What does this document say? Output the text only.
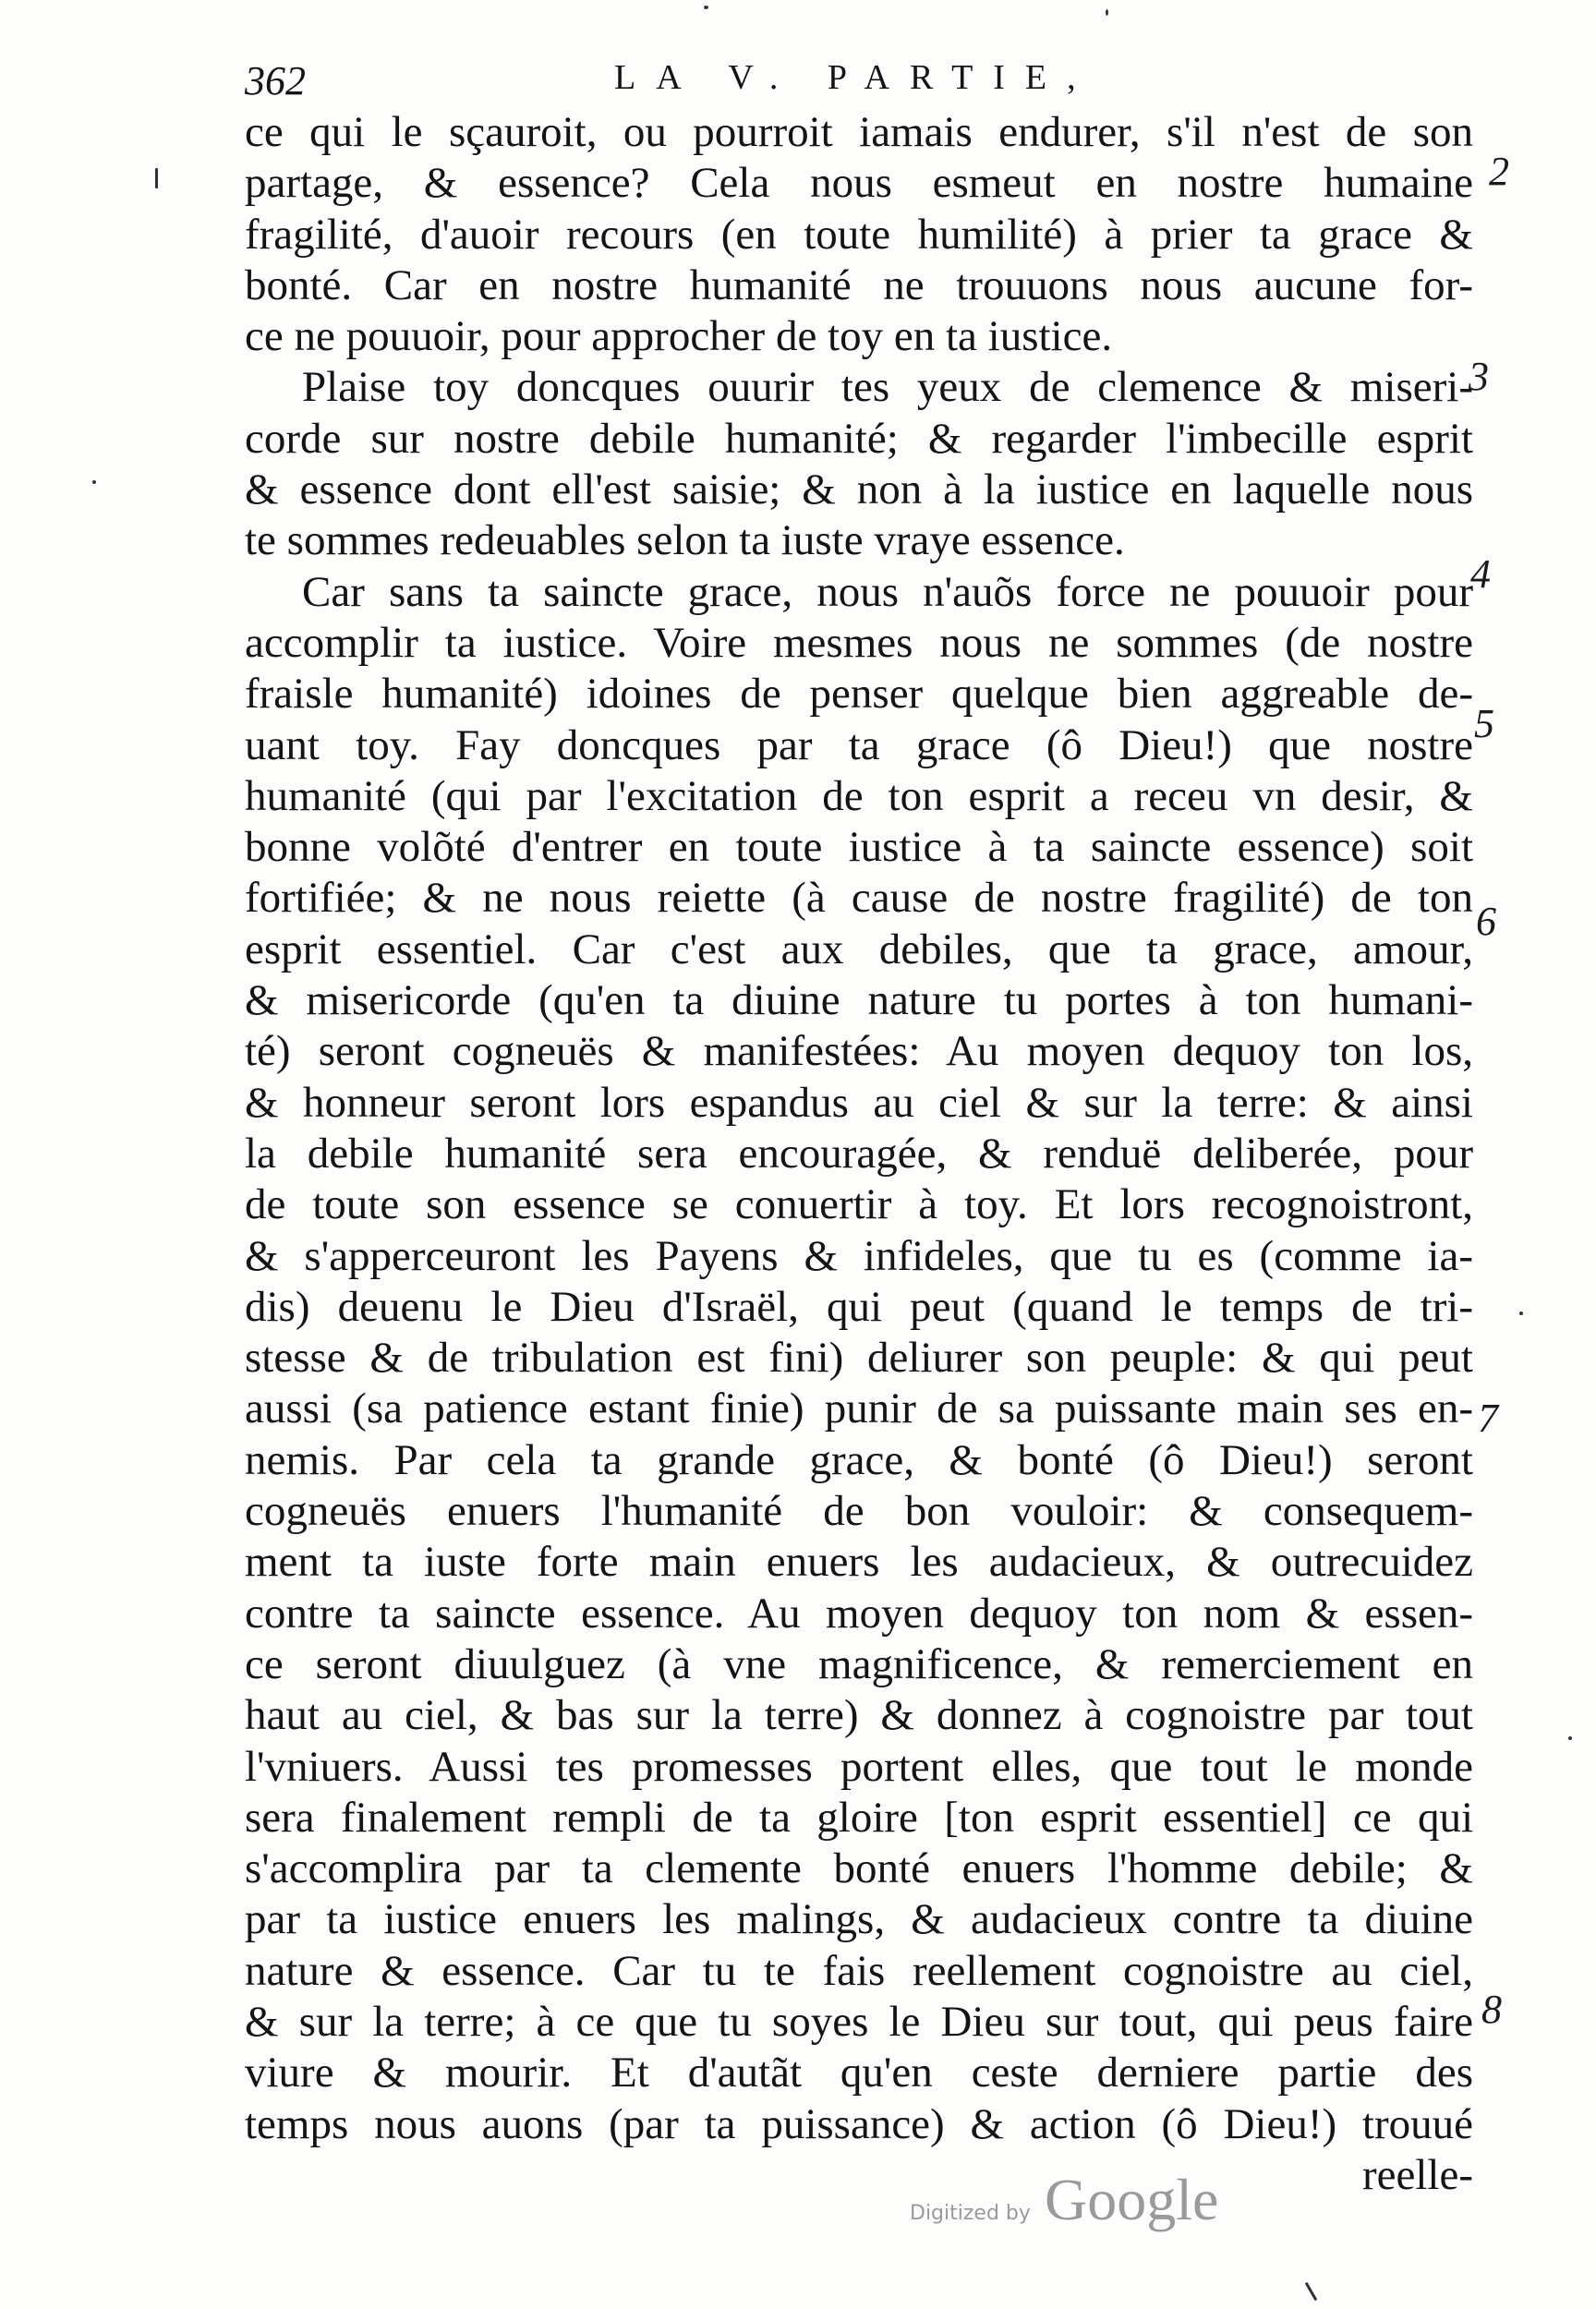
362	LA V. PARTIE,
ce qui le sçauroit, ou pourroit iamais endurer, s'il n'est de son
partage, & essence? Cela nous esmeut en nostre humaine
fragilité, d'auoir recours (en toute humilité) à prier ta grace &
bonté. Car en nostre humanité ne trouuons nous aucune for-
ce ne pouuoir, pour approcher de toy en ta iustice.
Plaise toy doncques ouurir tes yeux de clemence & miseri-
corde sur nostre debile humanité; & regarder l'imbecille esprit
& essence dont ell'est saisie; & non à la iustice en laquelle nous
te sommes redeuables selon ta iuste vraye essence.
Car sans ta saincte grace, nous n'auõs force ne pouuoir pour
accomplir ta iustice. Voire mesmes nous ne sommes (de nostre
fraisle humanité) idoines de penser quelque bien aggreable de-
uant toy. Fay doncques par ta grace (ô Dieu!) que nostre
humanité (qui par l'excitation de ton esprit a receu vn desir, &
bonne volõté d'entrer en toute iustice à ta saincte essence) soit
fortifiée; & ne nous reiette (à cause de nostre fragilité) de ton
esprit essentiel. Car c'est aux debiles, que ta grace, amour,
& misericorde (qu'en ta diuine nature tu portes à ton humani-
té) seront cogneuës & manifestées: Au moyen dequoy ton los,
& honneur seront lors espandus au ciel & sur la terre: & ainsi
la debile humanité sera encouragée, & renduë deliberée, pour
de toute son essence se conuertir à toy. Et lors recognoistront,
& s'apperceuront les Payens & infideles, que tu es (comme ia-
dis) deuenu le Dieu d'Israël, qui peut (quand le temps de tri-
stesse & de tribulation est fini) deliurer son peuple: & qui peut
aussi (sa patience estant finie) punir de sa puissante main ses en-
nemis. Par cela ta grande grace, & bonté (ô Dieu!) seront
cogneuës enuers l'humanité de bon vouloir: & consequem-
ment ta iuste forte main enuers les audacieux, & outrecuidez
contre ta saincte essence. Au moyen dequoy ton nom & essen-
ce seront diuulguez (à vne magnificence, & remerciement en
haut au ciel, & bas sur la terre) & donnez à cognoistre par tout
l'vniuers. Aussi tes promesses portent elles, que tout le monde
sera finalement rempli de ta gloire [ton esprit essentiel] ce qui
s'accomplira par ta clemente bonté enuers l'homme debile; &
par ta iustice enuers les malings, & audacieux contre ta diuine
nature & essence. Car tu te fais reellement cognoistre au ciel,
& sur la terre; à ce que tu soyes le Dieu sur tout, qui peus faire
viure & mourir. Et d'autãt qu'en ceste derniere partie des
temps nous auons (par ta puissance) & action (ô Dieu!) trouué
reelle-
2
3
4
5
6
7
8
Digitized by Google
